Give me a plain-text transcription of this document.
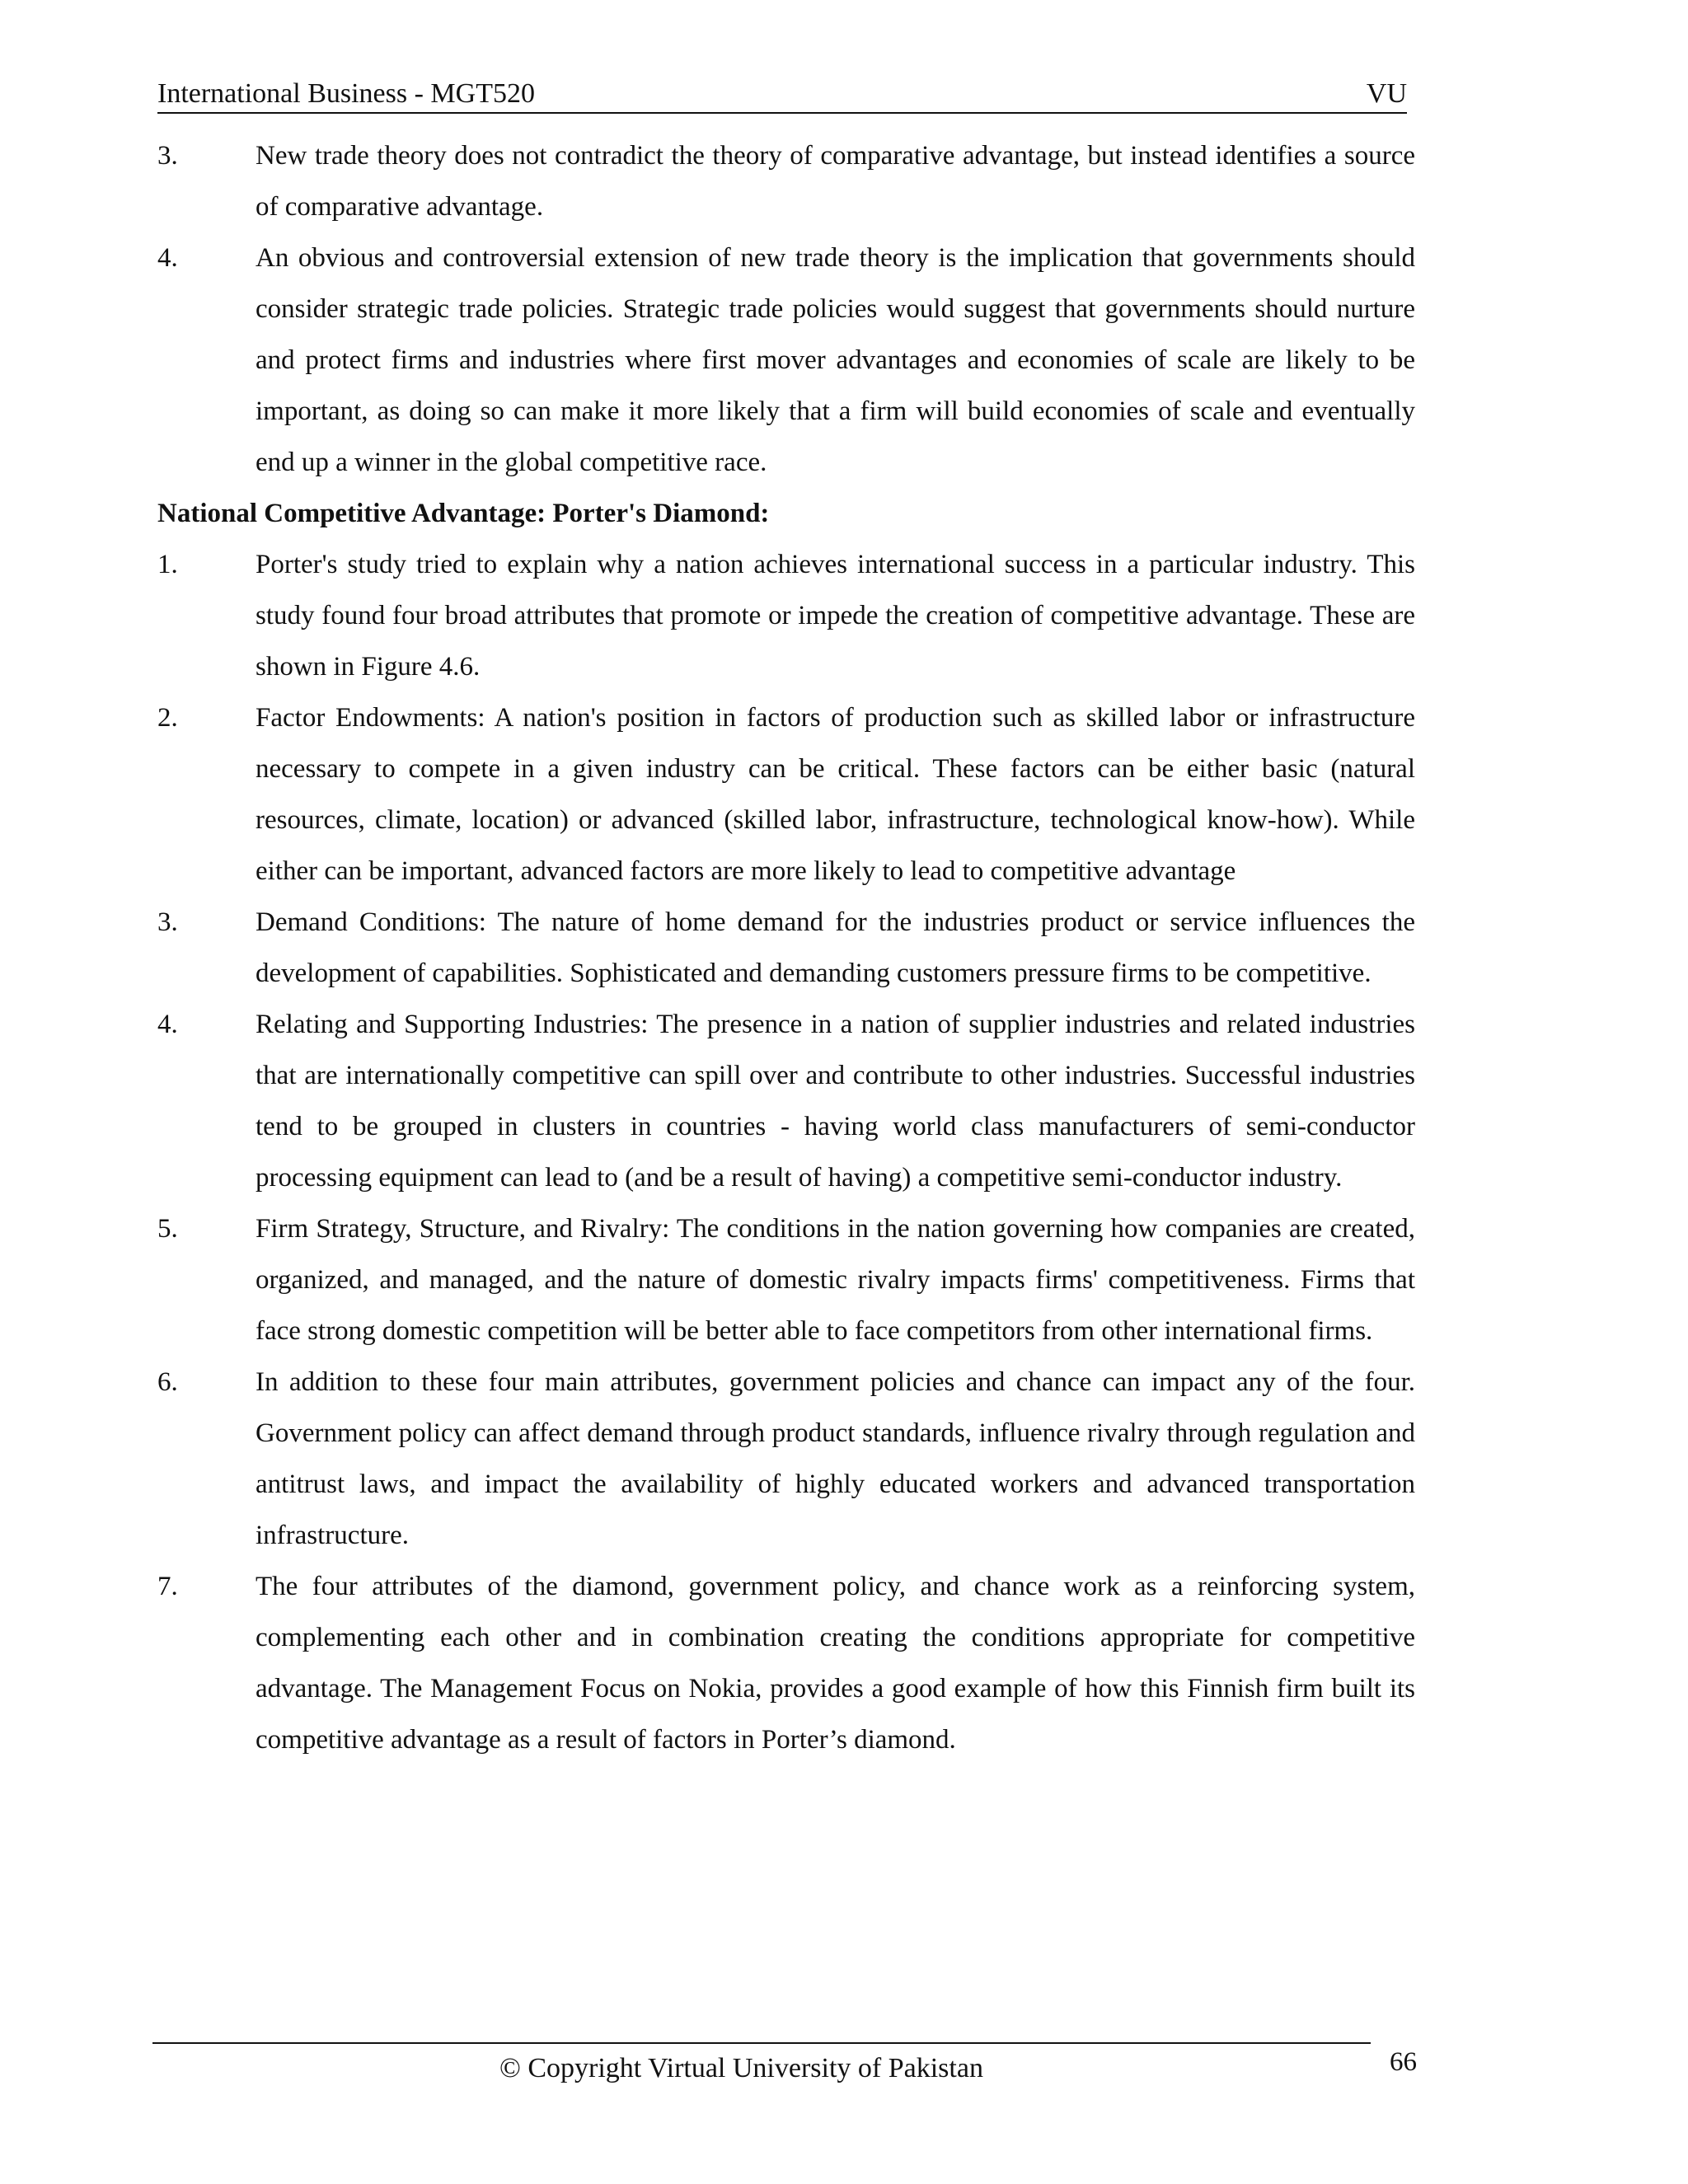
International Business - MGT520	VU
3.	New trade theory does not contradict the theory of comparative advantage, but instead identifies a source of comparative advantage.
4.	An obvious and controversial extension of new trade theory is the implication that governments should consider strategic trade policies. Strategic trade policies would suggest that governments should nurture and protect firms and industries where first mover advantages and economies of scale are likely to be important, as doing so can make it more likely that a firm will build economies of scale and eventually end up a winner in the global competitive race.

National Competitive Advantage: Porter's Diamond:

1.	Porter's study tried to explain why a nation achieves international success in a particular industry. This study found four broad attributes that promote or impede the creation of competitive advantage. These are shown in Figure 4.6.
2.	Factor Endowments: A nation's position in factors of production such as skilled labor or infrastructure necessary to compete in a given industry can be critical. These factors can be either basic (natural resources, climate, location) or advanced (skilled labor, infrastructure, technological know-how). While either can be important, advanced factors are more likely to lead to competitive advantage
3.	Demand Conditions: The nature of home demand for the industries product or service influences the development of capabilities. Sophisticated and demanding customers pressure firms to be competitive.
4.	Relating and Supporting Industries: The presence in a nation of supplier industries and related industries that are internationally competitive can spill over and contribute to other industries. Successful industries tend to be grouped in clusters in countries - having world class manufacturers of semi-conductor processing equipment can lead to (and be a result of having) a competitive semi-conductor industry.
5.	Firm Strategy, Structure, and Rivalry: The conditions in the nation governing how companies are created, organized, and managed, and the nature of domestic rivalry impacts firms' competitiveness. Firms that face strong domestic competition will be better able to face competitors from other international firms.
6.	In addition to these four main attributes, government policies and chance can impact any of the four. Government policy can affect demand through product standards, influence rivalry through regulation and antitrust laws, and impact the availability of highly educated workers and advanced transportation infrastructure.
7.	The four attributes of the diamond, government policy, and chance work as a reinforcing system, complementing each other and in combination creating the conditions appropriate for competitive advantage. The Management Focus on Nokia, provides a good example of how this Finnish firm built its competitive advantage as a result of factors in Porter’s diamond.
© Copyright Virtual University of Pakistan	66
